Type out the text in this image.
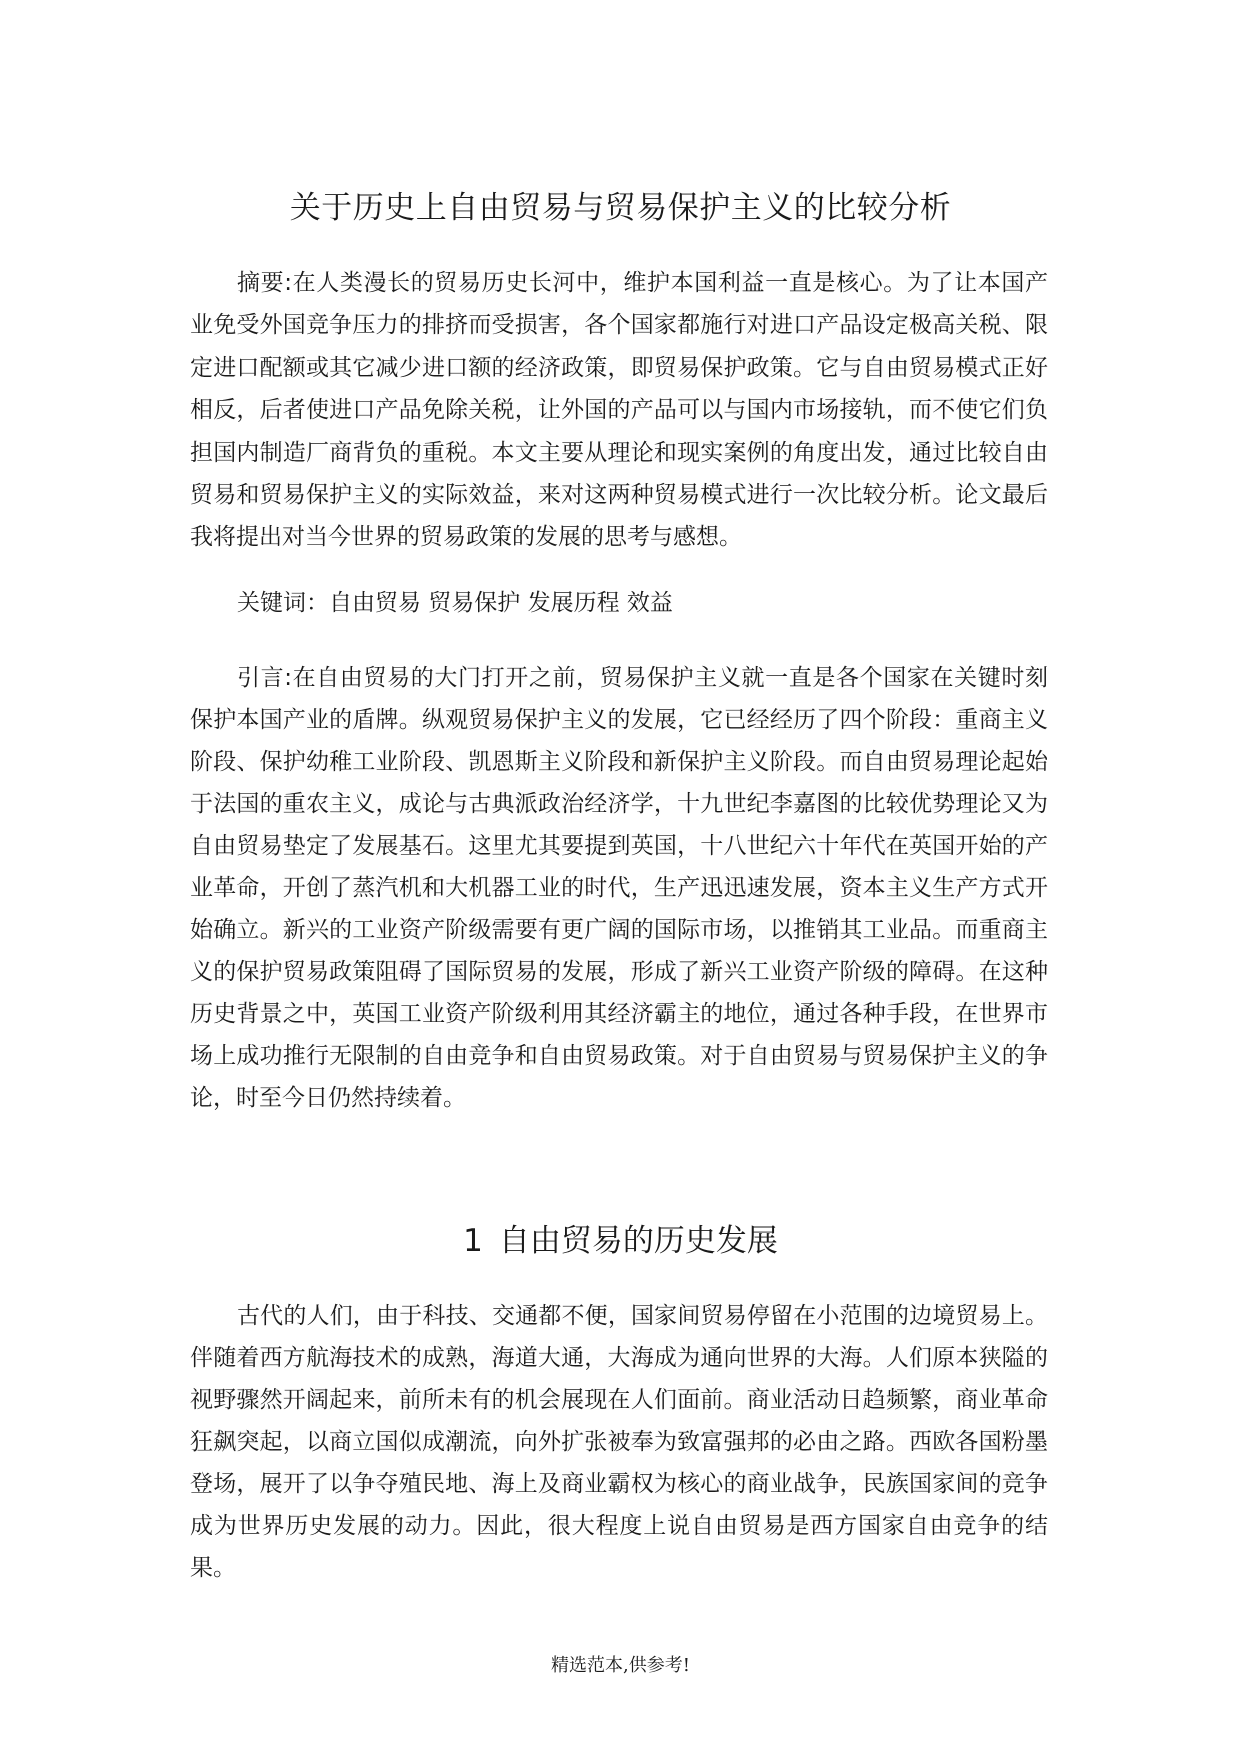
关于历史上自由贸易与贸易保护主义的比较分析

摘要:在人类漫长的贸易历史长河中，维护本国利益一直是核心。为了让本国产业免受外国竞争压力的排挤而受损害，各个国家都施行对进口产品设定极高关税、限定进口配额或其它减少进口额的经济政策，即贸易保护政策。它与自由贸易模式正好相反，后者使进口产品免除关税，让外国的产品可以与国内市场接轨，而不使它们负担国内制造厂商背负的重税。本文主要从理论和现实案例的角度出发，通过比较自由贸易和贸易保护主义的实际效益，来对这两种贸易模式进行一次比较分析。论文最后我将提出对当今世界的贸易政策的发展的思考与感想。

关键词：自由贸易 贸易保护 发展历程 效益

引言:在自由贸易的大门打开之前，贸易保护主义就一直是各个国家在关键时刻保护本国产业的盾牌。纵观贸易保护主义的发展，它已经经历了四个阶段：重商主义阶段、保护幼稚工业阶段、凯恩斯主义阶段和新保护主义阶段。而自由贸易理论起始于法国的重农主义，成论与古典派政治经济学，十九世纪李嘉图的比较优势理论又为自由贸易垫定了发展基石。这里尤其要提到英国，十八世纪六十年代在英国开始的产业革命，开创了蒸汽机和大机器工业的时代，生产迅迅速发展，资本主义生产方式开始确立。新兴的工业资产阶级需要有更广阔的国际市场，以推销其工业品。而重商主义的保护贸易政策阻碍了国际贸易的发展，形成了新兴工业资产阶级的障碍。在这种历史背景之中，英国工业资产阶级利用其经济霸主的地位，通过各种手段，在世界市场上成功推行无限制的自由竞争和自由贸易政策。对于自由贸易与贸易保护主义的争论，时至今日仍然持续着。

1 自由贸易的历史发展

古代的人们，由于科技、交通都不便，国家间贸易停留在小范围的边境贸易上。伴随着西方航海技术的成熟，海道大通，大海成为通向世界的大海。人们原本狭隘的视野骤然开阔起来，前所未有的机会展现在人们面前。商业活动日趋频繁，商业革命狂飙突起，以商立国似成潮流，向外扩张被奉为致富强邦的必由之路。西欧各国粉墨登场，展开了以争夺殖民地、海上及商业霸权为核心的商业战争，民族国家间的竞争成为世界历史发展的动力。因此，很大程度上说自由贸易是西方国家自由竞争的结果。

精选范本,供参考!
